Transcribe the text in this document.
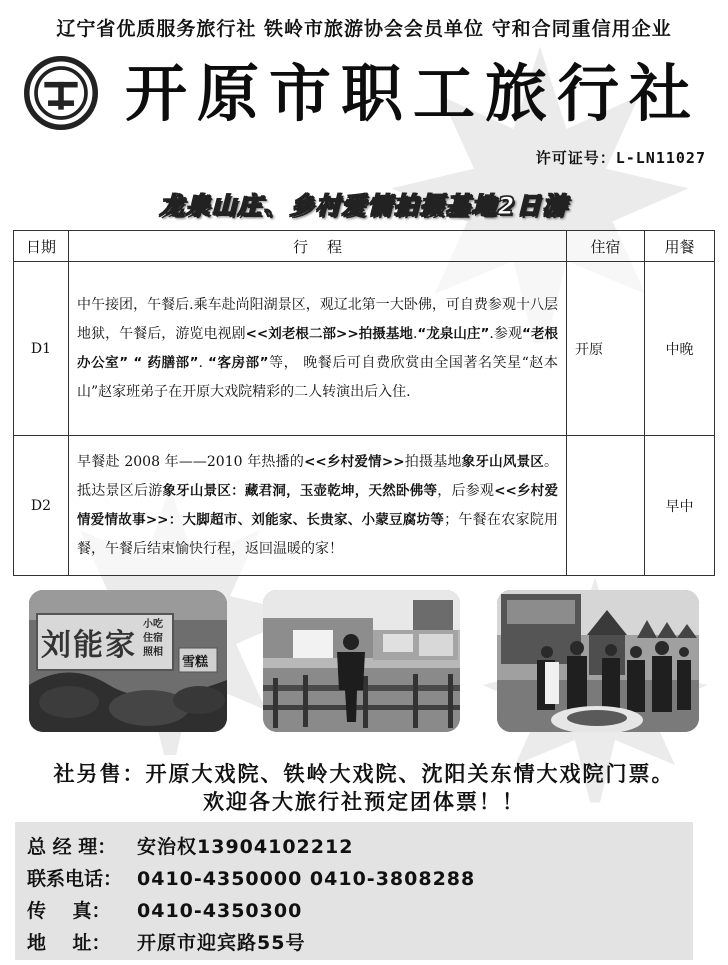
辽宁省优质服务旅行社 铁岭市旅游协会会员单位 守和合同重信用企业
开原市职工旅行社
许可证号：L-LN11027
龙泉山庄、乡村爱情拍摄基地2日游
日期	行    程	住宿	用餐
D1	中午接团，午餐后.乘车赴尚阳湖景区，观辽北第一大卧佛，可自费参观十八层地狱，午餐后，游览电视剧<<刘老根二部>>拍摄基地.“龙泉山庄”.参观“老根办公室” “ 药膳部”. “客房部”等， 晚餐后可自费欣赏由全国著名笑星“赵本山”赵家班弟子在开原大戏院精彩的二人转演出后入住.	开原	中晚
D2	早餐赴 2008 年——2010 年热播的<<乡村爱情>>拍摄基地象牙山风景区。抵达景区后游象牙山景区：藏君洞，玉壶乾坤，天然卧佛等，后参观<<乡村爱情爱情故事>>：大脚超市、刘能家、长贵家、小蒙豆腐坊等；午餐在农家院用餐，午餐后结束愉快行程，返回温暖的家！		早中
刘能家
小吃 住宿 照相
雪糕
社另售：开原大戏院、铁岭大戏院、沈阳关东情大戏院门票。
欢迎各大旅行社预定团体票！！
总 经 理： 安治权13904102212
联系电话： 0410-4350000 0410-3808288
传    真： 0410-4350300
地    址： 开原市迎宾路55号
